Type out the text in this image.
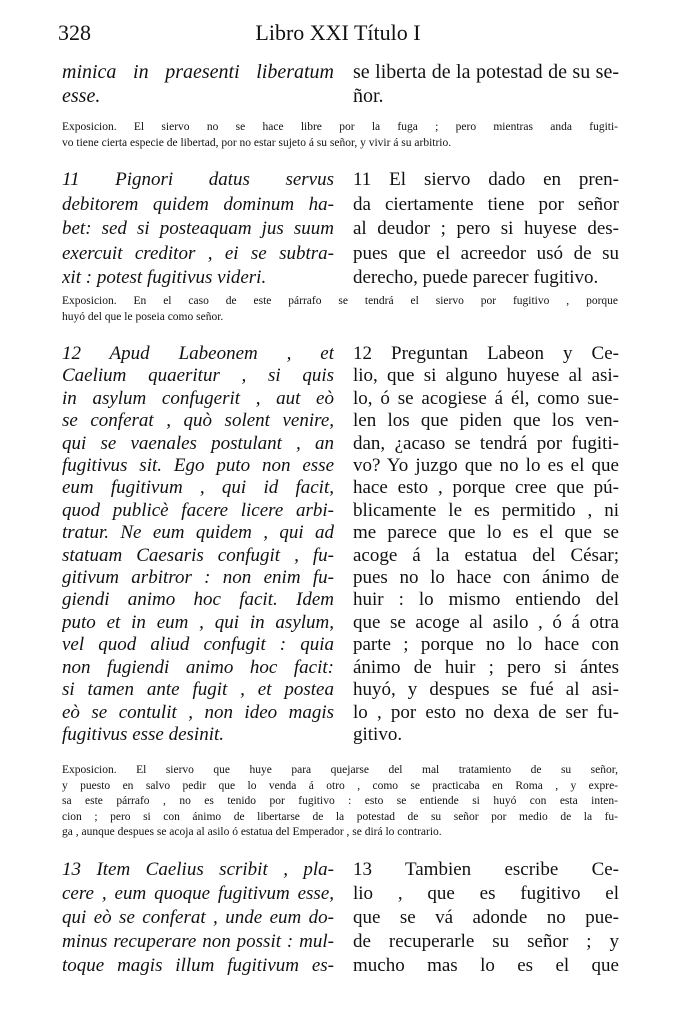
328	Libro XXI Título I
minica in praesenti liberatum
esse.
se liberta de la potestad de su se-
ñor.
Exposicion. El siervo no se hace libre por la fuga ; pero mientras anda fugiti-
vo tiene cierta especie de libertad, por no estar sujeto á su señor, y vivir á su arbitrio.
11 Pignori datus servus
debitorem quidem dominum ha-
bet: sed si posteaquam jus suum
exercuit creditor , ei se subtra-
xit : potest fugitivus videri.
11 El siervo dado en pren-
da ciertamente tiene por señor
al deudor ; pero si huyese des-
pues que el acreedor usó de su
derecho, puede parecer fugitivo.
Exposicion. En el caso de este párrafo se tendrá el siervo por fugitivo , porque
huyó del que le poseia como señor.
12 Apud Labeonem , et
Caelium quaeritur , si quis
in asylum confugerit , aut eò
se conferat , quò solent venire,
qui se vaenales postulant , an
fugitivus sit. Ego puto non esse
eum fugitivum , qui id facit,
quod publicè facere licere arbi-
tratur. Ne eum quidem , qui ad
statuam Caesaris confugit , fu-
gitivum arbitror : non enim fu-
giendi animo hoc facit. Idem
puto et in eum , qui in asylum,
vel quod aliud confugit : quia
non fugiendi animo hoc facit:
si tamen ante fugit , et postea
eò se contulit , non ideo magis
fugitivus esse desinit.
12 Preguntan Labeon y Ce-
lio, que si alguno huyese al asi-
lo, ó se acogiese á él, como sue-
len los que piden que los ven-
dan, ¿acaso se tendrá por fugiti-
vo? Yo juzgo que no lo es el que
hace esto , porque cree que pú-
blicamente le es permitido , ni
me parece que lo es el que se
acoge á la estatua del César;
pues no lo hace con ánimo de
huir : lo mismo entiendo del
que se acoge al asilo , ó á otra
parte ; porque no lo hace con
ánimo de huir ; pero si ántes
huyó, y despues se fué al asi-
lo , por esto no dexa de ser fu-
gitivo.
Exposicion. El siervo que huye para quejarse del mal tratamiento de su señor,
y puesto en salvo pedir que lo venda á otro , como se practicaba en Roma , y expre-
sa este párrafo , no es tenido por fugitivo : esto se entiende si huyó con esta inten-
cion ; pero si con ánimo de libertarse de la potestad de su señor por medio de la fu-
ga , aunque despues se acoja al asilo ó estatua del Emperador , se dirá lo contrario.
13 Item Caelius scribit , pla-
cere , eum quoque fugitivum esse,
qui eò se conferat , unde eum do-
minus recuperare non possit : mul-
toque magis illum fugitivum es-
13 Tambien escribe Ce-
lio , que es fugitivo el
que se vá adonde no pue-
de recuperarle su señor ; y
mucho mas lo es el que
